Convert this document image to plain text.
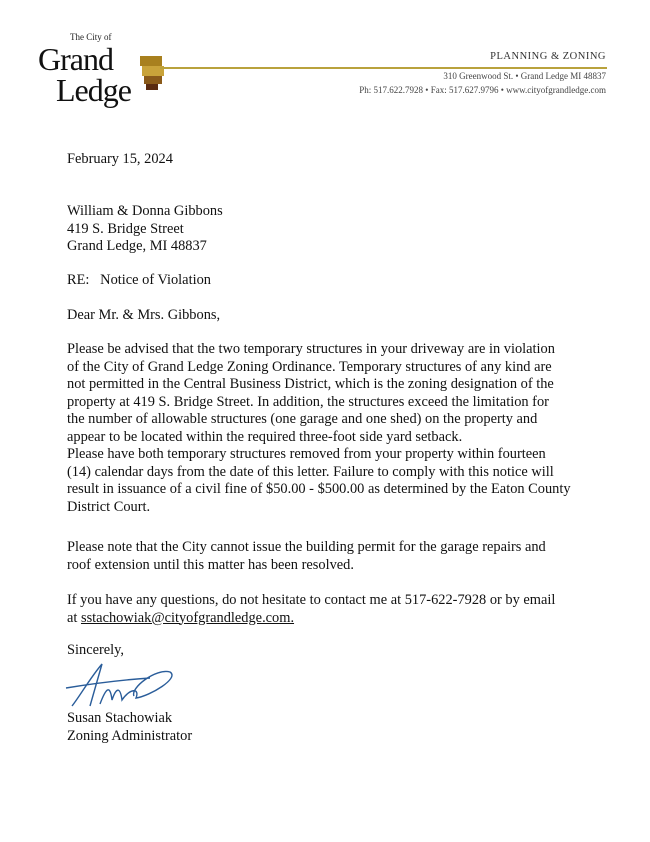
The City of
Grand
Ledge
PLANNING & ZONING
310 Greenwood St. • Grand Ledge MI 48837
Ph: 517.622.7928 • Fax: 517.627.9796 • www.cityofgrandledge.com
February 15, 2024
William & Donna Gibbons
419 S. Bridge Street
Grand Ledge, MI 48837
RE:   Notice of Violation
Dear Mr. & Mrs. Gibbons,
Please be advised that the two temporary structures in your driveway are in violation
of the City of Grand Ledge Zoning Ordinance. Temporary structures of any kind are
not permitted in the Central Business District, which is the zoning designation of the
property at 419 S. Bridge Street. In addition, the structures exceed the limitation for
the number of allowable structures (one garage and one shed) on the property and
appear to be located within the required three-foot side yard setback.
Please have both temporary structures removed from your property within fourteen
(14) calendar days from the date of this letter. Failure to comply with this notice will
result in issuance of a civil fine of $50.00 - $500.00 as determined by the Eaton County
District Court.
Please note that the City cannot issue the building permit for the garage repairs and
roof extension until this matter has been resolved.
If you have any questions, do not hesitate to contact me at 517-622-7928 or by email
at sstachowiak@cityofgrandledge.com.
Sincerely,
Susan Stachowiak
Zoning Administrator
